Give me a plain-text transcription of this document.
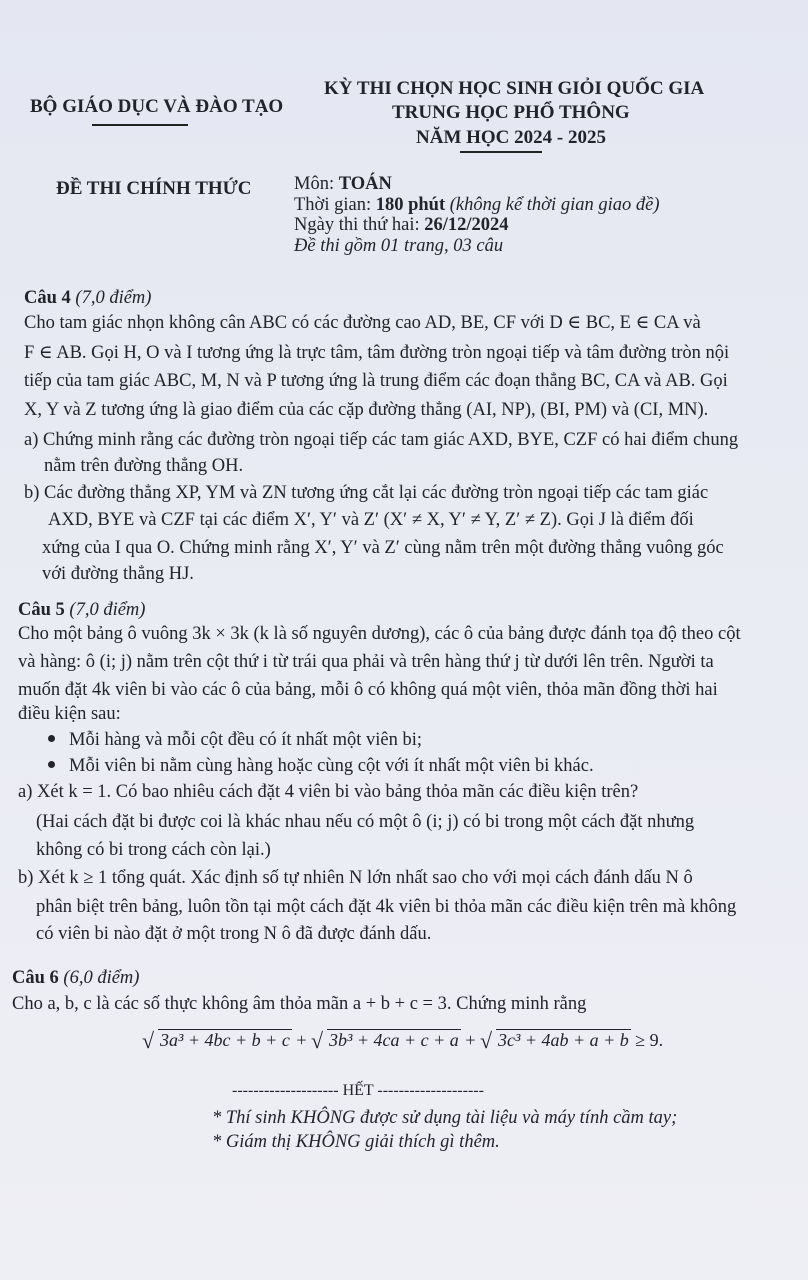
BỘ GIÁO DỤC VÀ ĐÀO TẠO
KỲ THI CHỌN HỌC SINH GIỎI QUỐC GIA
TRUNG HỌC PHỔ THÔNG
NĂM HỌC 2024 - 2025
ĐỀ THI CHÍNH THỨC Môn: TOÁN
Thời gian: 180 phút (không kể thời gian giao đề)
Ngày thi thứ hai: 26/12/2024
Đề thi gồm 01 trang, 03 câu
Câu 4 (7,0 điểm)
Cho tam giác nhọn không cân ABC có các đường cao AD, BE, CF với D ∈ BC, E ∈ CA và
F ∈ AB. Gọi H, O và I tương ứng là trực tâm, tâm đường tròn ngoại tiếp và tâm đường tròn nội
tiếp của tam giác ABC, M, N và P tương ứng là trung điểm các đoạn thẳng BC, CA và AB. Gọi
X, Y và Z tương ứng là giao điểm của các cặp đường thẳng (AI, NP), (BI, PM) và (CI, MN).
a) Chứng minh rằng các đường tròn ngoại tiếp các tam giác AXD, BYE, CZF có hai điểm chung
nằm trên đường thẳng OH.
b) Các đường thẳng XP, YM và ZN tương ứng cắt lại các đường tròn ngoại tiếp các tam giác
AXD, BYE và CZF tại các điểm X′, Y′ và Z′ (X′ ≠ X, Y′ ≠ Y, Z′ ≠ Z). Gọi J là điểm đối
xứng của I qua O. Chứng minh rằng X′, Y′ và Z′ cùng nằm trên một đường thẳng vuông góc
với đường thẳng HJ.
Câu 5 (7,0 điểm)
Cho một bảng ô vuông 3k × 3k (k là số nguyên dương), các ô của bảng được đánh tọa độ theo cột
và hàng: ô (i; j) nằm trên cột thứ i từ trái qua phải và trên hàng thứ j từ dưới lên trên. Người ta
muốn đặt 4k viên bi vào các ô của bảng, mỗi ô có không quá một viên, thỏa mãn đồng thời hai
điều kiện sau:
Mỗi hàng và mỗi cột đều có ít nhất một viên bi;
Mỗi viên bi nằm cùng hàng hoặc cùng cột với ít nhất một viên bi khác.
a) Xét k = 1. Có bao nhiêu cách đặt 4 viên bi vào bảng thỏa mãn các điều kiện trên?
(Hai cách đặt bi được coi là khác nhau nếu có một ô (i; j) có bi trong một cách đặt nhưng
không có bi trong cách còn lại.)
b) Xét k ≥ 1 tổng quát. Xác định số tự nhiên N lớn nhất sao cho với mọi cách đánh dấu N ô
phân biệt trên bảng, luôn tồn tại một cách đặt 4k viên bi thỏa mãn các điều kiện trên mà không
có viên bi nào đặt ở một trong N ô đã được đánh dấu.
Câu 6 (6,0 điểm)
Cho a, b, c là các số thực không âm thỏa mãn a + b + c = 3. Chứng minh rằng
√ 3a³ + 4bc + b + c + √ 3b³ + 4ca + c + a + √ 3c³ + 4ab + a + b ≥ 9.
-------------------- HẾT --------------------
* Thí sinh KHÔNG được sử dụng tài liệu và máy tính cầm tay;
* Giám thị KHÔNG giải thích gì thêm.
